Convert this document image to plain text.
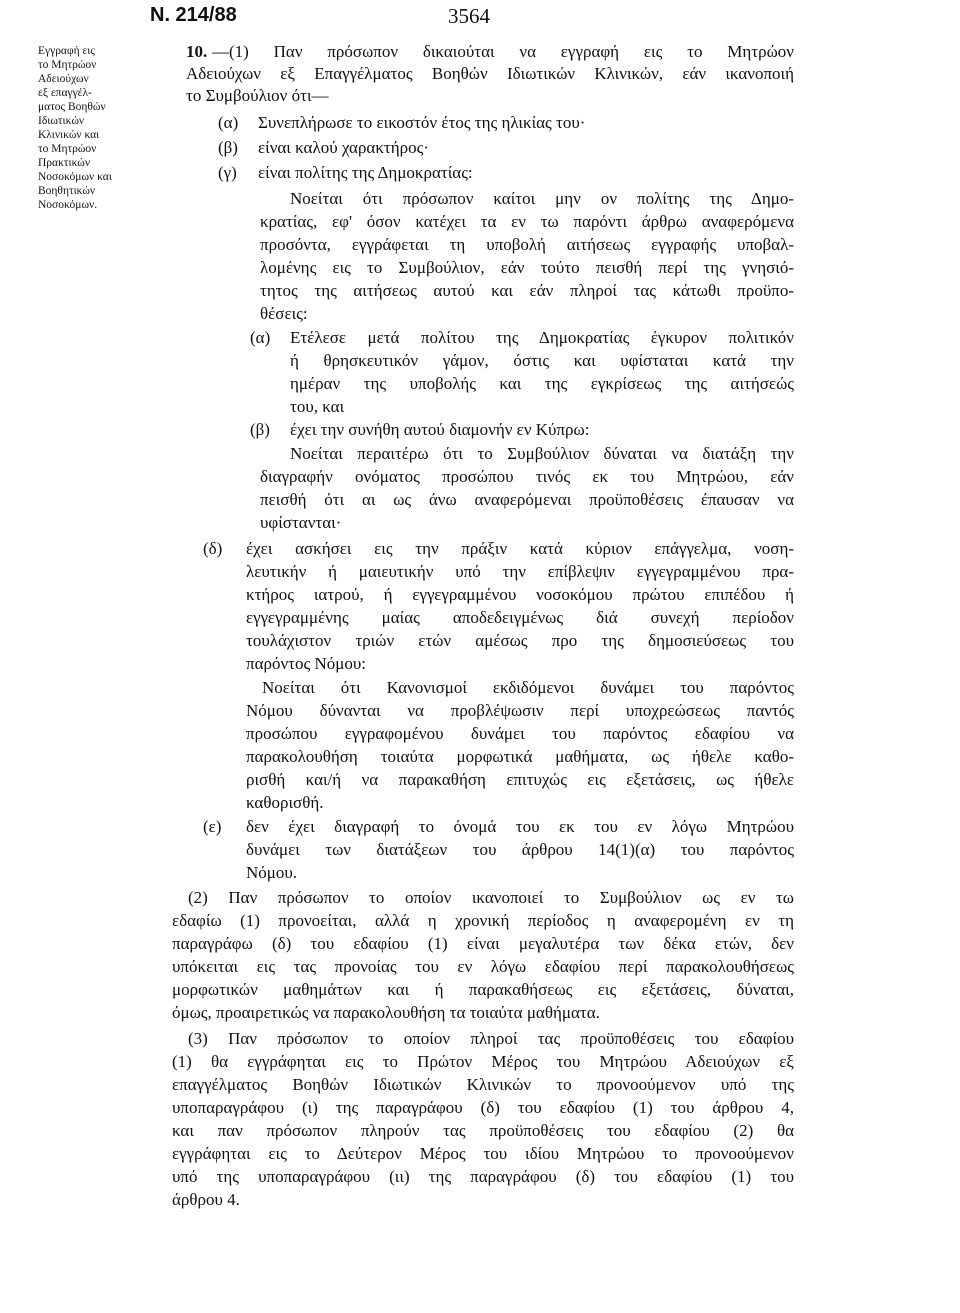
N. 214/88	3564
Εγγραφή εις
το Μητρώον
Αδειούχων
εξ επαγγέλ-
ματος Βοηθών
Ιδιωτικών
Κλινικών και
το Μητρώον
Πρακτικών
Νοσοκόμων και
Βοηθητικών
Νοσοκόμων.
10. —(1) Παν πρόσωπον δικαιούται να εγγραφή εις το Μητρώον
Αδειούχων εξ Επαγγέλματος Βοηθών Ιδιωτικών Κλινικών, εάν ικανοποιή
το Συμβούλιον ότι—
(α) Συνεπλήρωσε το εικοστόν έτος της ηλικίας του·
(β) είναι καλού χαρακτήρος·
(γ) είναι πολίτης της Δημοκρατίας:
Νοείται ότι πρόσωπον καίτοι μην ον πολίτης της Δημο-
κρατίας, εφ' όσον κατέχει τα εν τω παρόντι άρθρω αναφερόμενα
προσόντα, εγγράφεται τη υποβολή αιτήσεως εγγραφής υποβαλ-
λομένης εις το Συμβούλιον, εάν τούτο πεισθή περί της γνησιό-
τητος της αιτήσεως αυτού και εάν πληροί τας κάτωθι προϋπο-
θέσεις:
(α) Ετέλεσε μετά πολίτου της Δημοκρατίας έγκυρον πολιτικόν
ή θρησκευτικόν γάμον, όστις και υφίσταται κατά την
ημέραν της υποβολής και της εγκρίσεως της αιτήσεώς
του, και
(β) έχει την συνήθη αυτού διαμονήν εν Κύπρω:
Νοείται περαιτέρω ότι το Συμβούλιον δύναται να διατάξη την
διαγραφήν ονόματος προσώπου τινός εκ του Μητρώου, εάν
πεισθή ότι αι ως άνω αναφερόμεναι προϋποθέσεις έπαυσαν να
υφίστανται·
(δ) έχει ασκήσει εις την πράξιν κατά κύριον επάγγελμα, νοση-
λευτικήν ή μαιευτικήν υπό την επίβλεψιν εγγεγραμμένου πρα-
κτήρος ιατρού, ή εγγεγραμμένου νοσοκόμου πρώτου επιπέδου ή
εγγεγραμμένης μαίας αποδεδειγμένως διά συνεχή περίοδον
τουλάχιστον τριών ετών αμέσως προ της δημοσιεύσεως του
παρόντος Νόμου:
Νοείται ότι Κανονισμοί εκδιδόμενοι δυνάμει του παρόντος
Νόμου δύνανται να προβλέψωσιν περί υποχρεώσεως παντός
προσώπου εγγραφομένου δυνάμει του παρόντος εδαφίου να
παρακολουθήση τοιαύτα μορφωτικά μαθήματα, ως ήθελε καθο-
ρισθή και/ή να παρακαθήση επιτυχώς εις εξετάσεις, ως ήθελε
καθορισθή.
(ε) δεν έχει διαγραφή το όνομά του εκ του εν λόγω Μητρώου
δυνάμει των διατάξεων του άρθρου 14(1)(α) του παρόντος
Νόμου.
(2) Παν πρόσωπον το οποίον ικανοποιεί το Συμβούλιον ως εν τω
εδαφίω (1) προνοείται, αλλά η χρονική περίοδος η αναφερομένη εν τη
παραγράφω (δ) του εδαφίου (1) είναι μεγαλυτέρα των δέκα ετών, δεν
υπόκειται εις τας προνοίας του εν λόγω εδαφίου περί παρακολουθήσεως
μορφωτικών μαθημάτων και ή παρακαθήσεως εις εξετάσεις, δύναται,
όμως, προαιρετικώς να παρακολουθήση τα τοιαύτα μαθήματα.
(3) Παν πρόσωπον το οποίον πληροί τας προϋποθέσεις του εδαφίου
(1) θα εγγράφηται εις το Πρώτον Μέρος του Μητρώου Αδειούχων εξ
επαγγέλματος Βοηθών Ιδιωτικών Κλινικών το προνοούμενον υπό της
υποπαραγράφου (ι) της παραγράφου (δ) του εδαφίου (1) του άρθρου 4,
και παν πρόσωπον πληρούν τας προϋποθέσεις του εδαφίου (2) θα
εγγράφηται εις το Δεύτερον Μέρος του ιδίου Μητρώου το προνοούμενον
υπό της υποπαραγράφου (ιι) της παραγράφου (δ) του εδαφίου (1) του
άρθρου 4.
